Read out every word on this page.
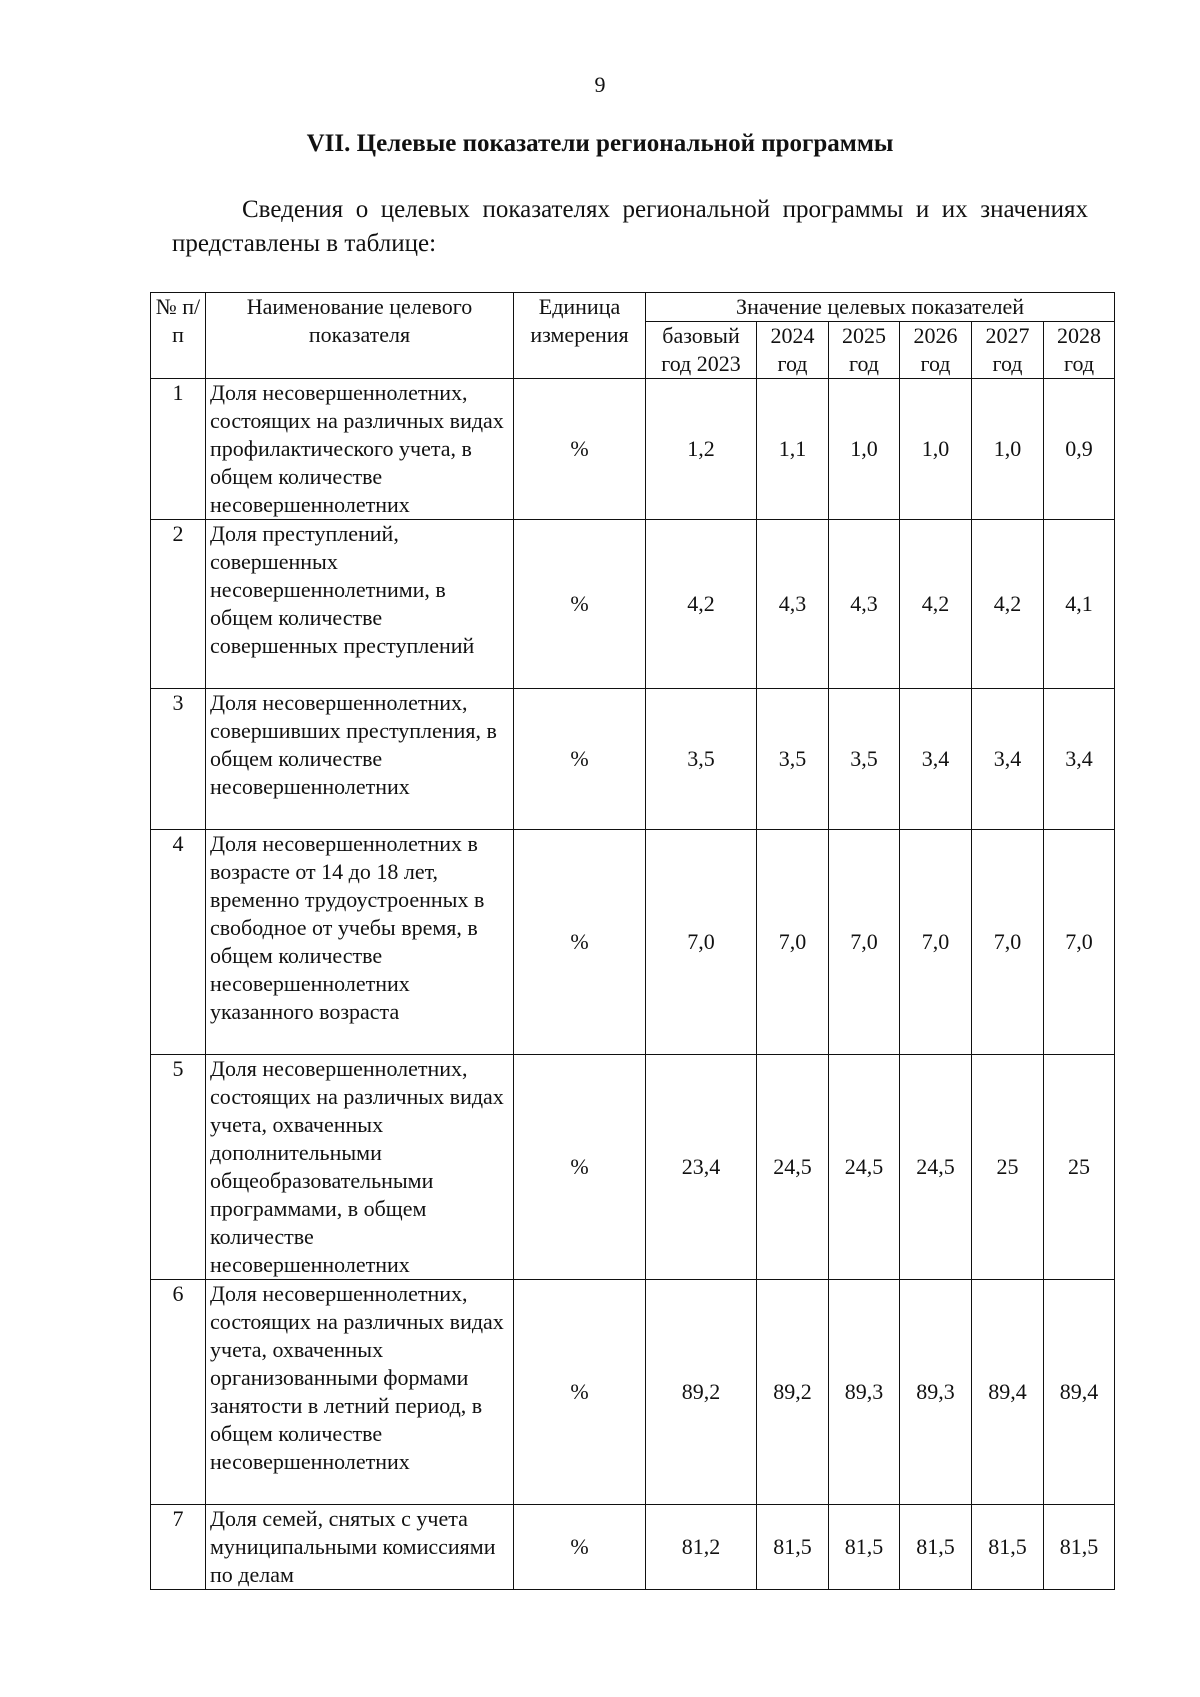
9
VII. Целевые показатели региональной программы

Сведения о целевых показателях региональной программы и их значениях представлены в таблице:

№ п/п	Наименование целевого показателя	Единица измерения	Значение целевых показателей					
			базовый год 2023	2024 год	2025 год	2026 год	2027 год	2028 год
1	Доля несовершеннолетних, состоящих на различных видах профилактического учета, в общем количестве несовершеннолетних	%	1,2	1,1	1,0	1,0	1,0	0,9
2	Доля преступлений, совершенных несовершеннолетними, в общем количестве совершенных преступлений	%	4,2	4,3	4,3	4,2	4,2	4,1
3	Доля несовершеннолетних, совершивших преступления, в общем количестве несовершеннолетних	%	3,5	3,5	3,5	3,4	3,4	3,4
4	Доля несовершеннолетних в возрасте от 14 до 18 лет, временно трудоустроенных в свободное от учебы время, в общем количестве несовершеннолетних указанного возраста	%	7,0	7,0	7,0	7,0	7,0	7,0
5	Доля несовершеннолетних, состоящих на различных видах учета, охваченных дополнительными общеобразовательными программами, в общем количестве несовершеннолетних	%	23,4	24,5	24,5	24,5	25	25
6	Доля несовершеннолетних, состоящих на различных видах учета, охваченных организованными формами занятости в летний период, в общем количестве несовершеннолетних	%	89,2	89,2	89,3	89,3	89,4	89,4
7	Доля семей, снятых с учета муниципальными комиссиями по делам	%	81,2	81,5	81,5	81,5	81,5	81,5
